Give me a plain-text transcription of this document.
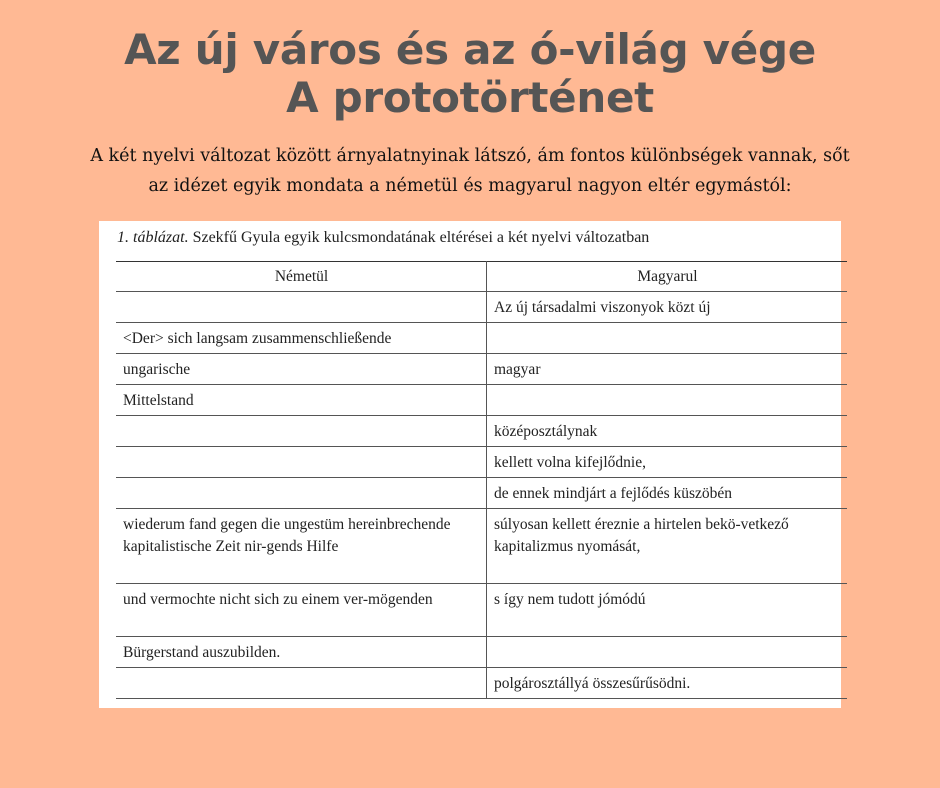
Az új város és az ó-világ vége
A prototörténet
A két nyelvi változat között árnyalatnyinak látszó, ám fontos különbségek vannak, sőt
az idézet egyik mondata a németül és magyarul nagyon eltér egymástól:
1. táblázat. Szekfű Gyula egyik kulcsmondatának eltérései a két nyelvi változatban
Németül	Magyarul
	Az új társadalmi viszonyok közt új
<Der> sich langsam zusammenschließende	
ungarische	magyar
Mittelstand	
	középosztálynak
	kellett volna kifejlődnie,
	de ennek mindjárt a fejlődés küszöbén
wiederum fand gegen die ungestüm hereinbrechende kapitalistische Zeit nir-gends Hilfe	súlyosan kellett éreznie a hirtelen bekö-vetkező kapitalizmus nyomását,
und vermochte nicht sich zu einem ver-mögenden	s így nem tudott jómódú
Bürgerstand auszubilden.	
	polgárosztállyá összesűrűsödni.
